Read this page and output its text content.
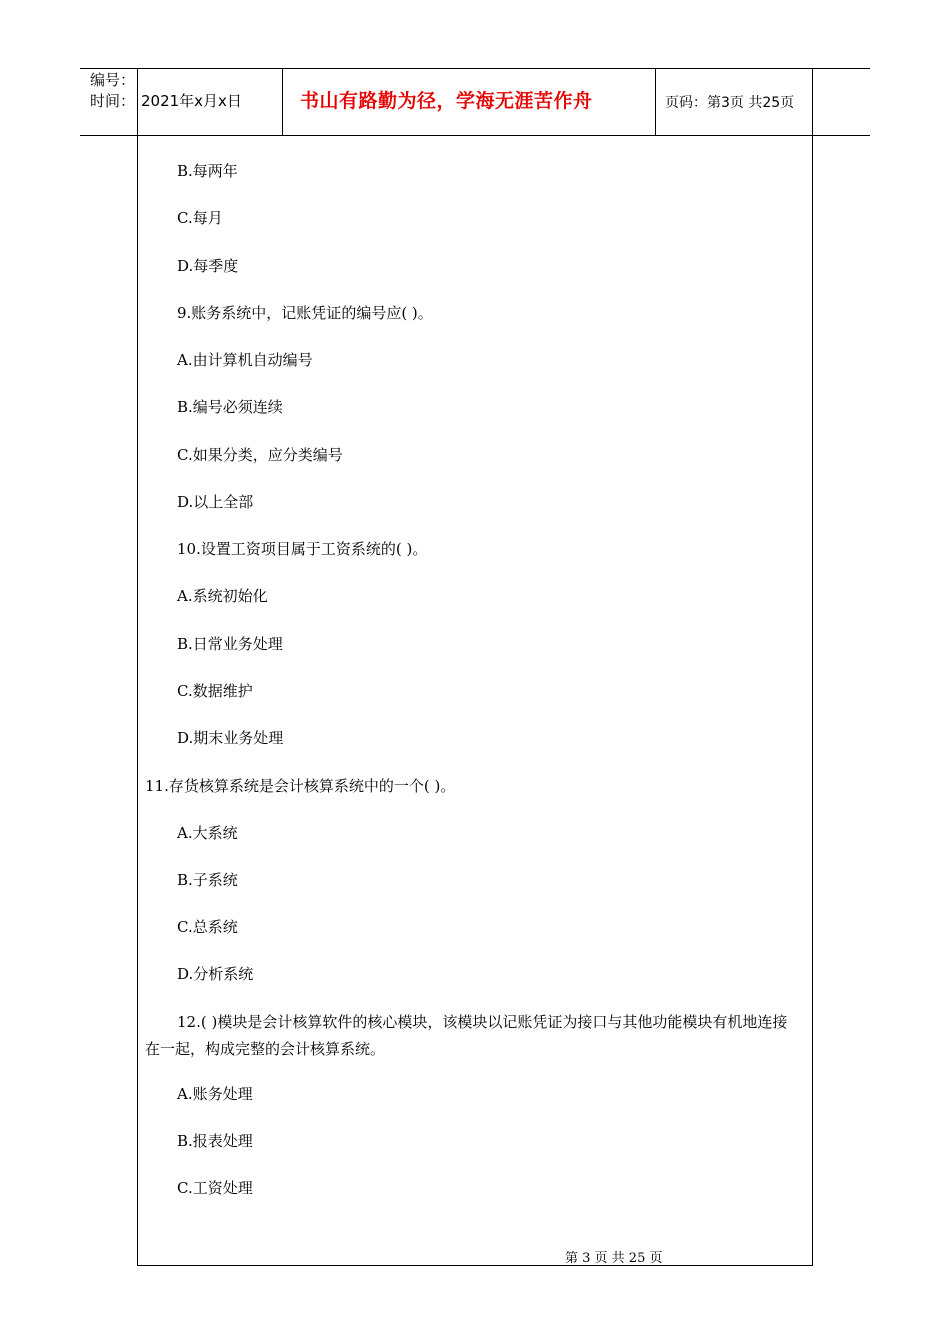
编号：
时间： 2021年x月x日	书山有路勤为径，学海无涯苦作舟	页码：第3页 共25页
B.每两年
C.每月
D.每季度
9.账务系统中，记账凭证的编号应( )。
A.由计算机自动编号
B.编号必须连续
C.如果分类，应分类编号
D.以上全部
10.设置工资项目属于工资系统的( )。
A.系统初始化
B.日常业务处理
C.数据维护
D.期末业务处理
11.存货核算系统是会计核算系统中的一个( )。
A.大系统
B.子系统
C.总系统
D.分析系统
12.( )模块是会计核算软件的核心模块，该模块以记账凭证为接口与其他功能模块有机地连接在一起，构成完整的会计核算系统。
A.账务处理
B.报表处理
C.工资处理
第 3 页 共 25 页
